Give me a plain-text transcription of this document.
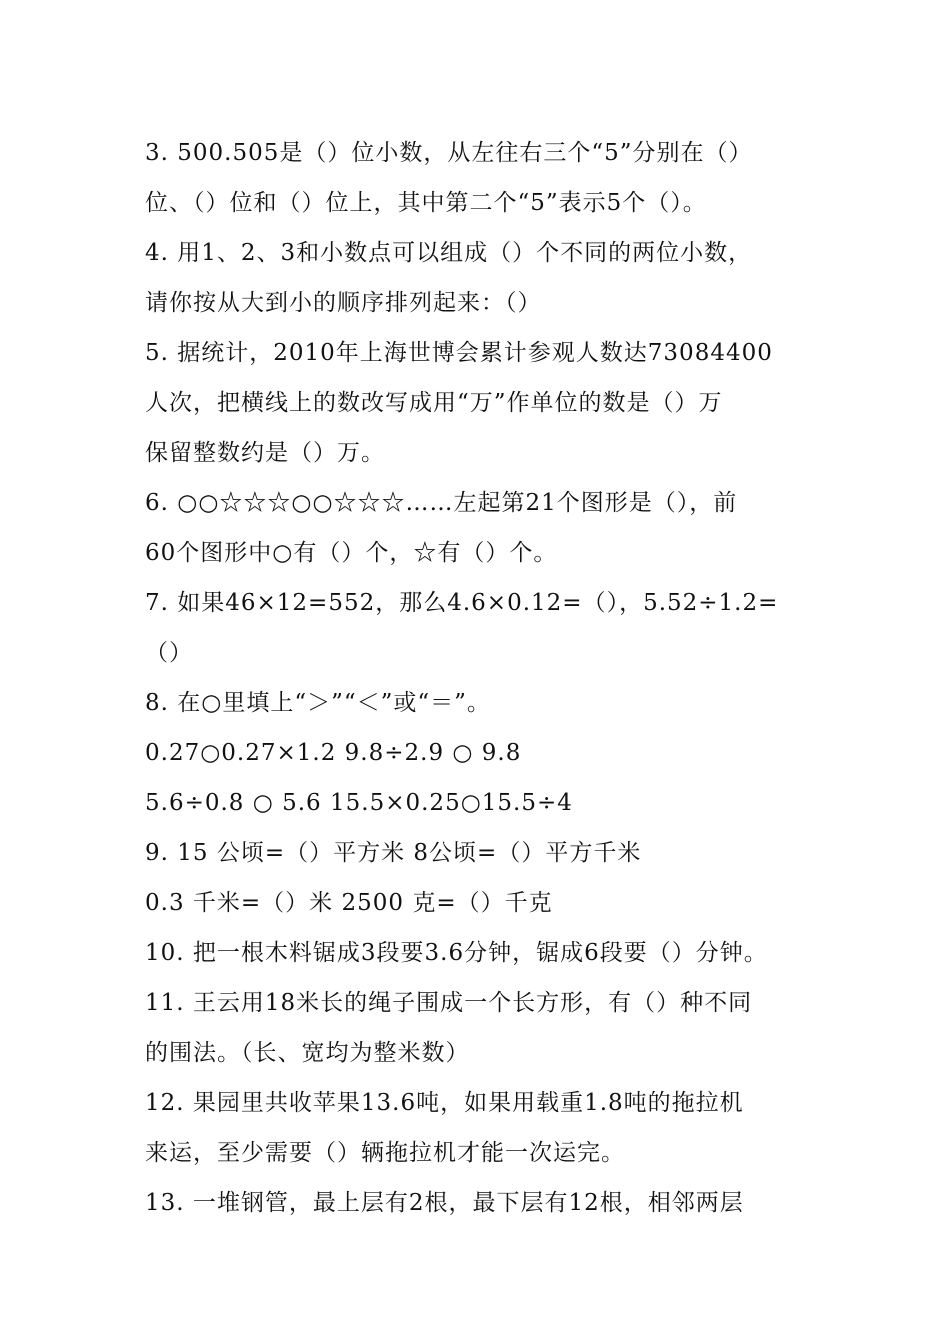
3. 500.505是（）位小数，从左往右三个“5”分别在（）
位、（）位和（）位上，其中第二个“5”表示5个（）。
4. 用1、2、3和小数点可以组成（）个不同的两位小数，
请你按从大到小的顺序排列起来：（）
5. 据统计，2010年上海世博会累计参观人数达73084400
人次，把横线上的数改写成用“万”作单位的数是（）万
保留整数约是（）万。
6. ○○☆☆☆○○☆☆☆……左起第21个图形是（），前
60个图形中○有（）个，☆有（）个。
7. 如果46×12=552，那么4.6×0.12=（），5.52÷1.2=
（）
8. 在○里填上“＞”“＜”或“＝”。
0.27○0.27×1.2 9.8÷2.9 ○ 9.8
5.6÷0.8 ○ 5.6 15.5×0.25○15.5÷4
9. 15 公顷=（）平方米 8公顷=（）平方千米
0.3 千米=（）米 2500 克=（）千克
10. 把一根木料锯成3段要3.6分钟，锯成6段要（）分钟。
11. 王云用18米长的绳子围成一个长方形，有（）种不同
的围法。（长、宽均为整米数）
12. 果园里共收苹果13.6吨，如果用载重1.8吨的拖拉机
来运，至少需要（）辆拖拉机才能一次运完。
13. 一堆钢管，最上层有2根，最下层有12根，相邻两层
